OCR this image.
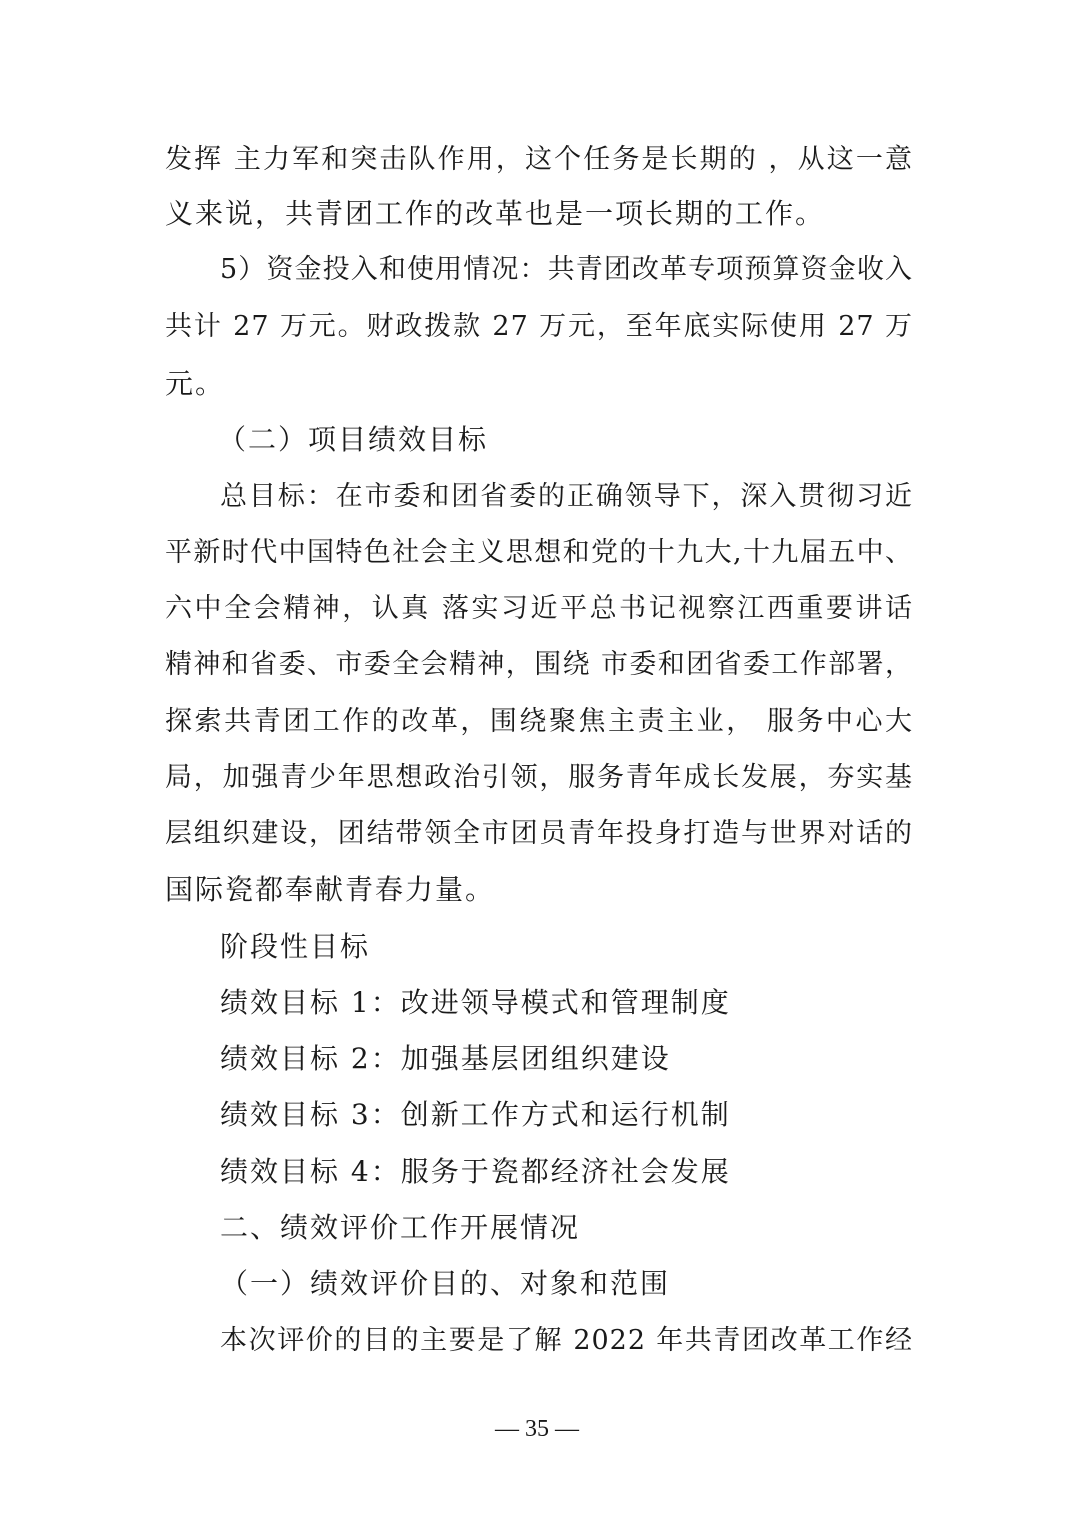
发挥 主力军和突击队作用，这个任务是长期的 ，从这一意
义来说，共青团工作的改革也是一项长期的工作。
5）资金投入和使用情况：共青团改革专项预算资金收入
共计 27 万元。财政拨款 27 万元，至年底实际使用 27 万
元。
（二）项目绩效目标
总目标：在市委和团省委的正确领导下，深入贯彻习近
平新时代中国特色社会主义思想和党的十九大,十九届五中、
六中全会精神，认真 落实习近平总书记视察江西重要讲话
精神和省委、市委全会精神，围绕 市委和团省委工作部署，
探索共青团工作的改革，围绕聚焦主责主业， 服务中心大
局，加强青少年思想政治引领，服务青年成长发展，夯实基
层组织建设，团结带领全市团员青年投身打造与世界对话的
国际瓷都奉献青春力量。
阶段性目标
绩效目标 1：改进领导模式和管理制度
绩效目标 2：加强基层团组织建设
绩效目标 3：创新工作方式和运行机制
绩效目标 4：服务于瓷都经济社会发展
二、绩效评价工作开展情况
（一）绩效评价目的、对象和范围
本次评价的目的主要是了解 2022 年共青团改革工作经
— 35 —
